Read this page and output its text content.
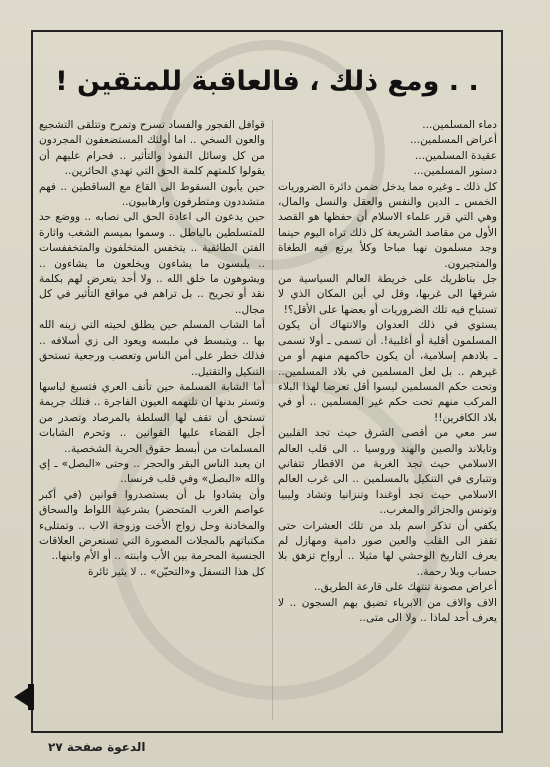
. . ومع ذلك ، فالعاقبة للمتقين !

دماء المسلمين...
أعراض المسلمين...
عقيدة المسلمين...
دستور المسلمين...

كل ذلك ـ وغيره مما يدخل ضمن دائرة الضروريات الخمس ـ الدين والنفس والعقل والنسل والمال، وهي التي قرر علماء الاسلام أن حفظها هو القصد الأول من مقاصد الشريعة كل ذلك تراه اليوم حينما وجد مسلمون نهبا مباحا وكلأ يرتع فيه الطغاة والمتجبرون.

جل بناظريك على خريطة العالم السياسية من شرقها الى غربها، وقل لي أين المكان الذي لا تستباح فيه تلك الضروريات أو بعضها على الأقل؟!

يستوي في ذلك العدوان والانتهاك أن يكون المسلمون أقلية أو أغلبية!. أن تسمى ـ أولا تسمى ـ بلادهم إسلامية، أن يكون حاكمهم منهم أو من غيرهم .. بل لعل المسلمين في بلاد المسلمين.. وتحت حكم المسلمين ليسوا أقل تعرضا لهذا البلاء المركب منهم تحت حكم غير المسلمين .. أو في بلاد الكافرين!!

سر معي من أقصى الشرق حيث تجد الفلبين وتايلاند والصين والهند وروسيا .. الى قلب العالم الاسلامي حيث تجد الغربة من الاقطار تتفاني وتتبارى في التنكيل بالمسلمين .. الى غرب العالم الاسلامي حيث تجد أوغندا وتنزانيا وتشاد وليبيا وتونس والجزائر والمغرب..

يكفي أن تذكر اسم بلد من تلك العشرات حتى تقفز الى القلب والعين صور دامية ومهازل لم يعرف التاريخ الوحشي لها مثيلا .. أرواح تزهق بلا حساب وبلا رحمة..

أعراض مصونة تنتهك على قارعة الطريق..

الاف والاف من الابرياء تضيق بهم السجون .. لا يعرف أحد لماذا .. ولا الى متى..

قوافل الفجور والفساد تسرح وتمرح وتتلقى التشجيع والعون السخي .. اما أولئك المستضعفون المجردون من كل وسائل النفوذ والتأثير .. فحرام عليهم أن يقولوا كلمتهم كلمة الحق التي تهدي الحائرين..

حين يأبون السقوط الى القاع مع الساقطين .. فهم متشددون ومتطرفون وارهابيون..

حين يدعون الى اعادة الحق الى نصابه .. ووضع حد للمتسلطين بالباطل .. وسموا بميسم الشغب واثارة الفتن الطائفية .. يتخفس المتخلفون والمتخففسات .. يلبسون ما يشاءون ويخلعون ما يشاءون .. ويشوهون ما خلق الله .. ولا أحد يتعرض لهم بكلمة نقد أو تجريح .. بل تراهم في مواقع التأثير في كل مجال..

أما الشاب المسلم حين يطلق لحيته التي زينه الله بها .. ويتبسط في ملبسه ويعود الى زي أسلافه .. فذلك خطر على أمن الناس وتعصب ورجعية تستحق التنكيل والتقتيل..

أما الشابة المسلمة حين تأنف العري فتسبغ لباسها وتستر بدنها ان تلتهمه العيون الفاجرة .. فتلك جريمة تستحق أن تقف لها السلطة بالمرصاد وتصدر من أجل القضاء عليها القوانين .. وتحرم الشابات المسلمات من أبسط حقوق الحرية الشخصية..

ان يعبد الناس البقر والحجر .. وحتى «البصل» ـ إي والله «البصل» وفي قلب فرنسا..

وأن يشادوا بل أن يستصدروا قوانين (في أكبر عواصم الغرب المتحضر) بشرعية اللواط والسحاق والمخادنة وحل زواج الأخت وزوجة الاب .. وتمتلىء مكتباتهم بالمجلات المصورة التي تستعرض العلاقات الجنسية المحرمة بين الأب وابنته .. أو الأم وابنها..

كل هذا التسفل و«التحيّن» .. لا يثير ثائرة

الدعوة صفحة ٢٧
